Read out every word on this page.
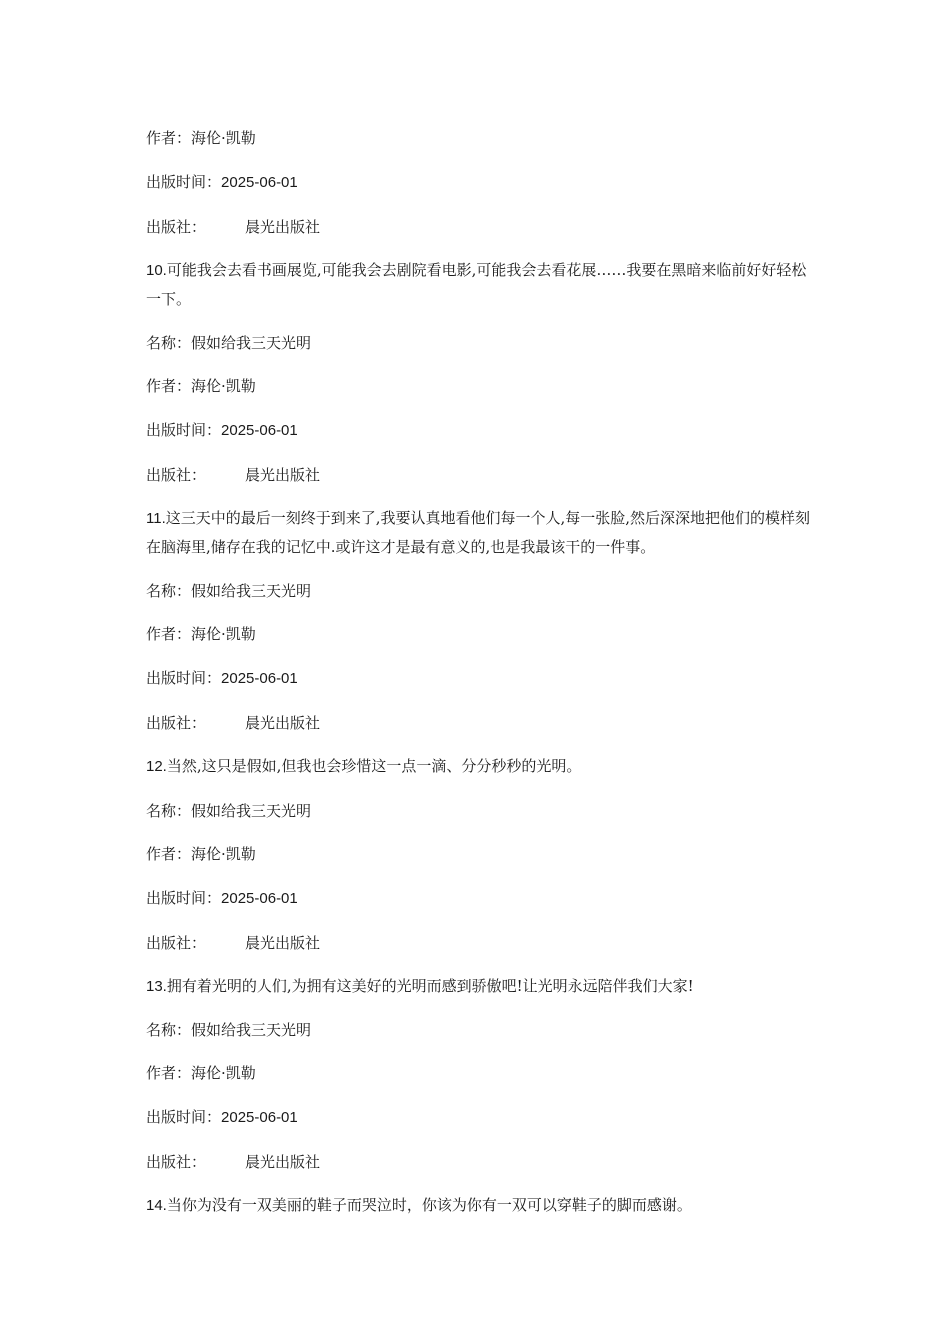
作者：海伦·凯勒
出版时间：2025-06-01
出版社：	晨光出版社
10.可能我会去看书画展览,可能我会去剧院看电影,可能我会去看花展……我要在黑暗来临前好好轻松一下。
名称：假如给我三天光明
作者：海伦·凯勒
出版时间：2025-06-01
出版社：	晨光出版社
11.这三天中的最后一刻终于到来了,我要认真地看他们每一个人,每一张脸,然后深深地把他们的模样刻在脑海里,储存在我的记忆中.或许这才是最有意义的,也是我最该干的一件事。
名称：假如给我三天光明
作者：海伦·凯勒
出版时间：2025-06-01
出版社：	晨光出版社
12.当然,这只是假如,但我也会珍惜这一点一滴、分分秒秒的光明。
名称：假如给我三天光明
作者：海伦·凯勒
出版时间：2025-06-01
出版社：	晨光出版社
13.拥有着光明的人们,为拥有这美好的光明而感到骄傲吧!让光明永远陪伴我们大家!
名称：假如给我三天光明
作者：海伦·凯勒
出版时间：2025-06-01
出版社：	晨光出版社
14.当你为没有一双美丽的鞋子而哭泣时，你该为你有一双可以穿鞋子的脚而感谢。
